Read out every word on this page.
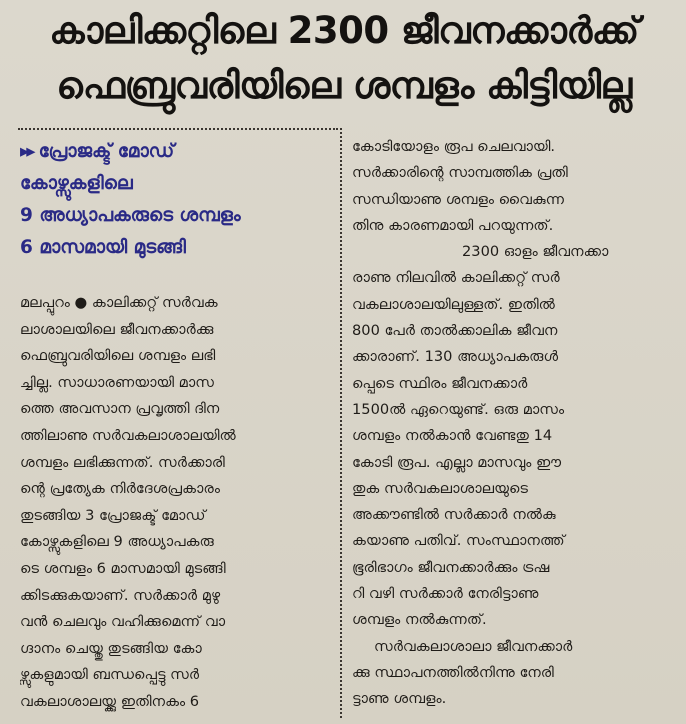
കാലിക്കറ്റിലെ 2300 ജീവനക്കാർക്ക്
ഫെബ്രുവരിയിലെ ശമ്പളം കിട്ടിയില്ല
▸▸ പ്രോജക്ട് മോഡ്
കോഴ്സുകളിലെ
9 അധ്യാപകരുടെ ശമ്പളം
6 മാസമായി മുടങ്ങി
മലപ്പുറം ● കാലിക്കറ്റ് സർവക
ലാശാലയിലെ ജീവനക്കാർക്കു
ഫെബ്രുവരിയിലെ ശമ്പളം ലഭി
ച്ചില്ല. സാധാരണയായി മാസ
ത്തെ അവസാന പ്രവൃത്തി ദിന
ത്തിലാണു സർവകലാശാലയിൽ
ശമ്പളം ലഭിക്കുന്നത്. സർക്കാരി
ന്റെ പ്രത്യേക നിർദേശപ്രകാരം
തുടങ്ങിയ 3 പ്രോജക്ട് മോഡ്
കോഴ്സുകളിലെ 9 അധ്യാപകരു
ടെ ശമ്പളം 6 മാസമായി മുടങ്ങി
ക്കിടക്കുകയാണ്. സർക്കാർ മുഴു
വൻ ചെലവും വഹിക്കുമെന്ന് വാ
ഗ്ദാനം ചെയ്തു തുടങ്ങിയ കോ
ഴ്സുകളുമായി ബന്ധപ്പെട്ടു സർ
വകലാശാലയ്ക്കു ഇതിനകം 6
കോടിയോളം രൂപ ചെലവായി.
സർക്കാരിന്റെ സാമ്പത്തിക പ്രതി
സന്ധിയാണു ശമ്പളം വൈകുന്ന
തിനു കാരണമായി പറയുന്നത്.
2300 ഓളം ജീവനക്കാ
രാണു നിലവിൽ കാലിക്കറ്റ് സർ
വകലാശാലയിലുള്ളത്. ഇതിൽ
800 പേർ താൽക്കാലിക ജീവന
ക്കാരാണ്. 130 അധ്യാപകരുൾ
പ്പെടെ സ്ഥിരം ജീവനക്കാർ
1500ൽ ഏറെയുണ്ട്. ഒരു മാസം
ശമ്പളം നൽകാൻ വേണ്ടതു 14
കോടി രൂപ. എല്ലാ മാസവും ഈ
തുക സർവകലാശാലയുടെ
അക്കൗണ്ടിൽ സർക്കാർ നൽകു
കയാണു പതിവ്. സംസ്ഥാനത്ത്
ഭൂരിഭാഗം ജീവനക്കാർക്കും ട്രഷ
റി വഴി സർക്കാർ നേരിട്ടാണു
ശമ്പളം നൽകുന്നത്.
സർവകലാശാലാ ജീവനക്കാർ
ക്കു സ്ഥാപനത്തിൽനിന്നു നേരി
ട്ടാണു ശമ്പളം.
